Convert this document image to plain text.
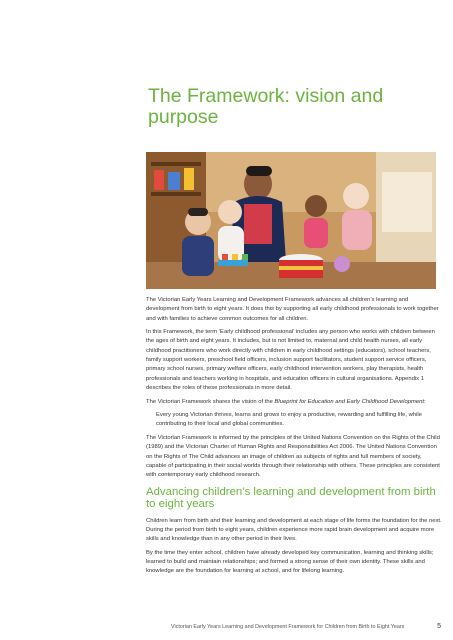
The Framework: vision and purpose

The Victorian Early Years Learning and Development Framework advances all children’s learning and development from birth to eight years. It does this by supporting all early childhood professionals to work together and with families to achieve common outcomes for all children.

In this Framework, the term ‘Early childhood professional’ includes any person who works with children between the ages of birth and eight years. It includes, but is not limited to, maternal and child health nurses, all early childhood practitioners who work directly with children in early childhood settings (educators), school teachers, family support workers, preschool field officers, inclusion support facilitators, student support service officers, primary school nurses, primary welfare officers, early childhood intervention workers, play therapists, health professionals and teachers working in hospitals, and education officers in cultural organisations. Appendix 1 describes the roles of these professionals in more detail.

The Victorian Framework shares the vision of the Blueprint for Education and Early Childhood Development:

Every young Victorian thrives, learns and grows to enjoy a productive, rewarding and fulfilling life, while contributing to their local and global communities.

The Victorian Framework is informed by the principles of the United Nations Convention on the Rights of the Child (1989) and the Victorian Charter of Human Rights and Responsibilities Act 2006. The United Nations Convention on the Rights of The Child advances an image of children as subjects of rights and full members of society, capable of participating in their social worlds through their relationship with others. These principles are consistent with contemporary early childhood research.

Advancing children’s learning and development from birth to eight years

Children learn from birth and their learning and development at each stage of life forms the foundation for the next. During the period from birth to eight years, children experience more rapid brain development and acquire more skills and knowledge than in any other period in their lives.

By the time they enter school, children have already developed key communication, learning and thinking skills; learned to build and maintain relationships; and formed a strong sense of their own identity. These skills and knowledge are the foundation for learning at school, and for lifelong learning.

Victorian Early Years Learning and Development Framework for Children from Birth to Eight Years	5
